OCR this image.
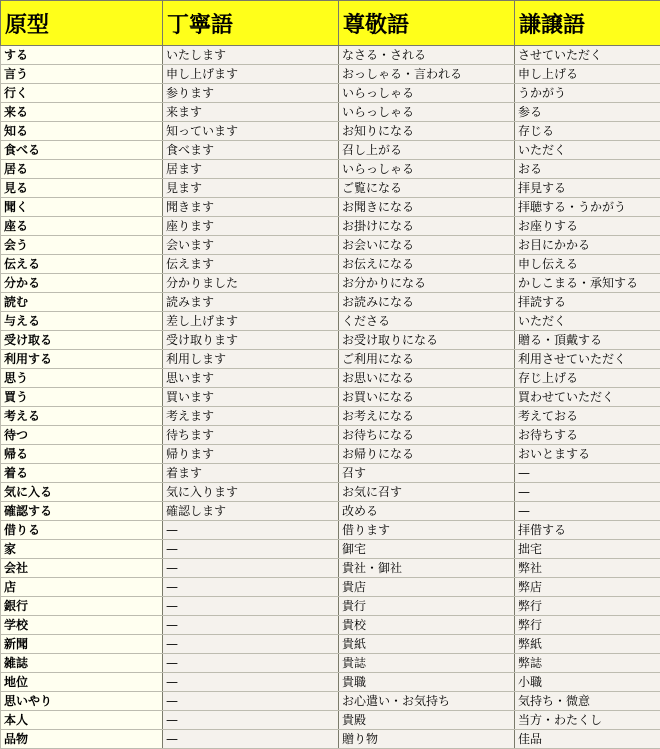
原型	丁寧語	尊敬語	謙譲語
する	いたします	なさる・される	させていただく
言う	申し上げます	おっしゃる・言われる	申し上げる
行く	参ります	いらっしゃる	うかがう
来る	来ます	いらっしゃる	参る
知る	知っています	お知りになる	存じる
食べる	食べます	召し上がる	いただく
居る	居ます	いらっしゃる	おる
見る	見ます	ご覧になる	拝見する
聞く	聞きます	お聞きになる	拝聴する・うかがう
座る	座ります	お掛けになる	お座りする
会う	会います	お会いになる	お目にかかる
伝える	伝えます	お伝えになる	申し伝える
分かる	分かりました	お分かりになる	かしこまる・承知する
読む	読みます	お読みになる	拝読する
与える	差し上げます	くださる	いただく
受け取る	受け取ります	お受け取りになる	贈る・頂戴する
利用する	利用します	ご利用になる	利用させていただく
思う	思います	お思いになる	存じ上げる
買う	買います	お買いになる	買わせていただく
考える	考えます	お考えになる	考えておる
待つ	待ちます	お待ちになる	お待ちする
帰る	帰ります	お帰りになる	おいとまする
着る	着ます	召す	—
気に入る	気に入ります	お気に召す	—
確認する	確認します	改める	—
借りる	—	借ります	拝借する
家	—	御宅	拙宅
会社	—	貴社・御社	弊社
店	—	貴店	弊店
銀行	—	貴行	弊行
学校	—	貴校	弊行
新聞	—	貴紙	弊紙
雑誌	—	貴誌	弊誌
地位	—	貴職	小職
思いやり	—	お心遣い・お気持ち	気持ち・微意
本人	—	貴殿	当方・わたくし
品物	—	贈り物	佳品
